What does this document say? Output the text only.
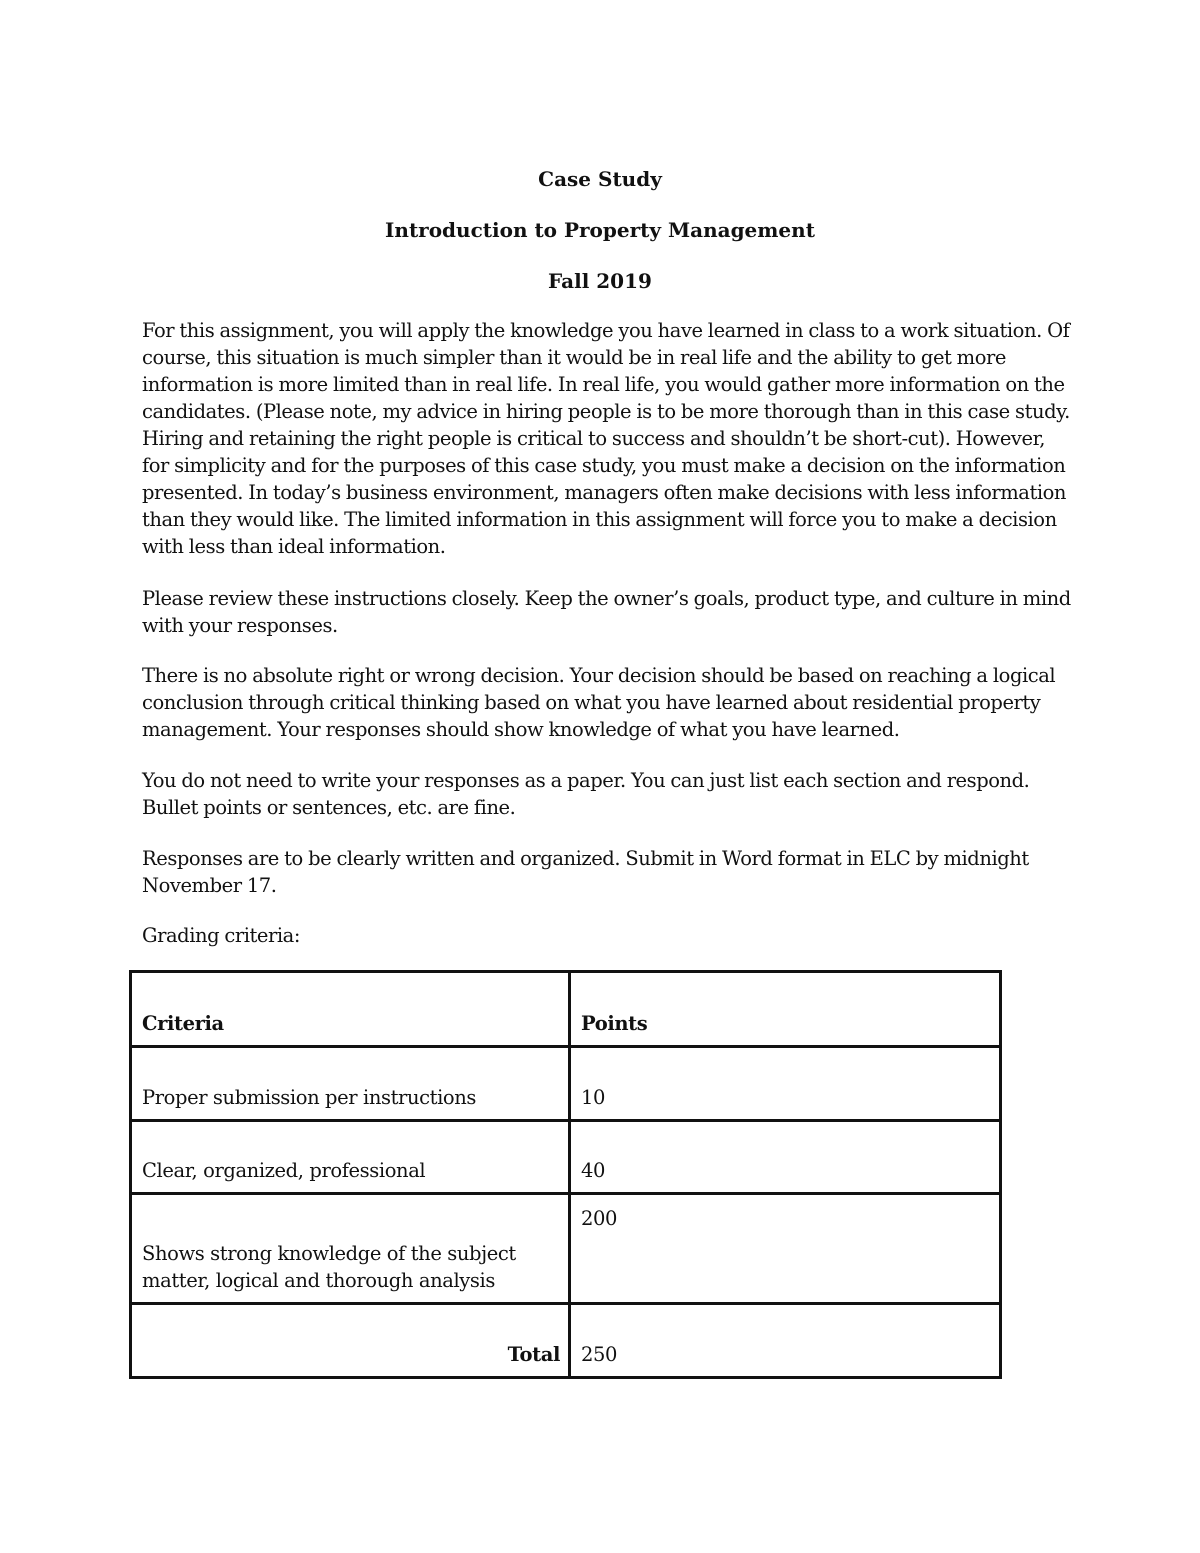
Case Study
Introduction to Property Management
Fall 2019

For this assignment, you will apply the knowledge you have learned in class to a work situation. Of course, this situation is much simpler than it would be in real life and the ability to get more information is more limited than in real life. In real life, you would gather more information on the candidates. (Please note, my advice in hiring people is to be more thorough than in this case study. Hiring and retaining the right people is critical to success and shouldn’t be short-cut). However, for simplicity and for the purposes of this case study, you must make a decision on the information presented. In today’s business environment, managers often make decisions with less information than they would like. The limited information in this assignment will force you to make a decision with less than ideal information.

Please review these instructions closely. Keep the owner’s goals, product type, and culture in mind with your responses.

There is no absolute right or wrong decision. Your decision should be based on reaching a logical conclusion through critical thinking based on what you have learned about residential property management. Your responses should show knowledge of what you have learned.

You do not need to write your responses as a paper. You can just list each section and respond. Bullet points or sentences, etc. are fine.

Responses are to be clearly written and organized. Submit in Word format in ELC by midnight November 17.

Grading criteria:

Criteria	Points
Proper submission per instructions	10
Clear, organized, professional	40
Shows strong knowledge of the subject matter, logical and thorough analysis	200
Total	250
